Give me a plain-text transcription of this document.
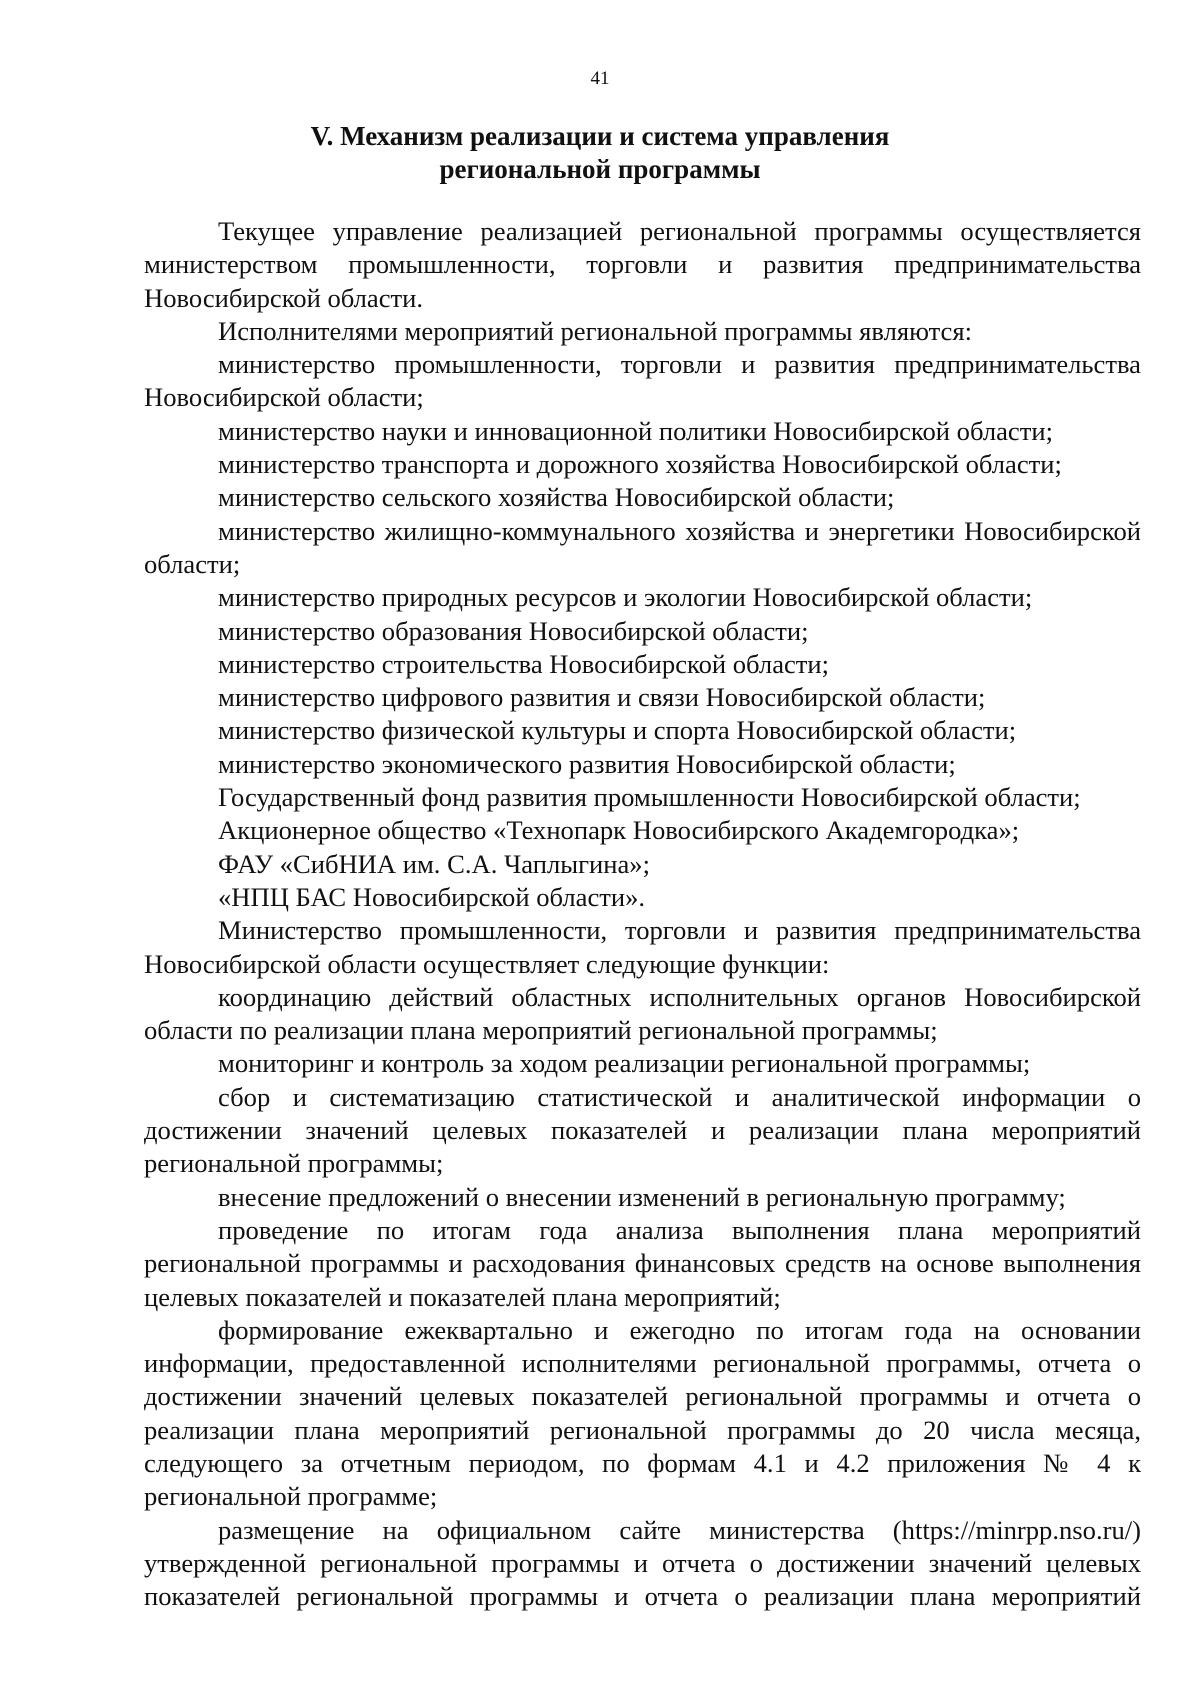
41
V. Механизм реализации и система управления
региональной программы

Текущее управление реализацией региональной программы осуществляется министерством промышленности, торговли и развития предпринимательства Новосибирской области.

Исполнителями мероприятий региональной программы являются:

министерство промышленности, торговли и развития предпринимательства Новосибирской области;

министерство науки и инновационной политики Новосибирской области;

министерство транспорта и дорожного хозяйства Новосибирской области;

министерство сельского хозяйства Новосибирской области;

министерство жилищно-коммунального хозяйства и энергетики Новосибирской области;

министерство природных ресурсов и экологии Новосибирской области;

министерство образования Новосибирской области;

министерство строительства Новосибирской области;

министерство цифрового развития и связи Новосибирской области;

министерство физической культуры и спорта Новосибирской области;

министерство экономического развития Новосибирской области;

Государственный фонд развития промышленности Новосибирской области;

Акционерное общество «Технопарк Новосибирского Академгородка»;

ФАУ «СибНИА им. С.А. Чаплыгина»;

«НПЦ БАС Новосибирской области».

Министерство промышленности, торговли и развития предпринимательства Новосибирской области осуществляет следующие функции:

координацию действий областных исполнительных органов Новосибирской области по реализации плана мероприятий региональной программы;

мониторинг и контроль за ходом реализации региональной программы;

сбор и систематизацию статистической и аналитической информации о достижении значений целевых показателей и реализации плана мероприятий региональной программы;

внесение предложений о внесении изменений в региональную программу;

проведение по итогам года анализа выполнения плана мероприятий региональной программы и расходования финансовых средств на основе выполнения целевых показателей и показателей плана мероприятий;

формирование ежеквартально и ежегодно по итогам года на основании информации, предоставленной исполнителями региональной программы, отчета о достижении значений целевых показателей региональной программы и отчета о реализации плана мероприятий региональной программы до 20 числа месяца, следующего за отчетным периодом, по формам 4.1 и 4.2 приложения № 4 к региональной программе;

размещение на официальном сайте министерства (https://minrpp.nso.ru/) утвержденной региональной программы и отчета о достижении значений целевых показателей региональной программы и отчета о реализации плана мероприятий
